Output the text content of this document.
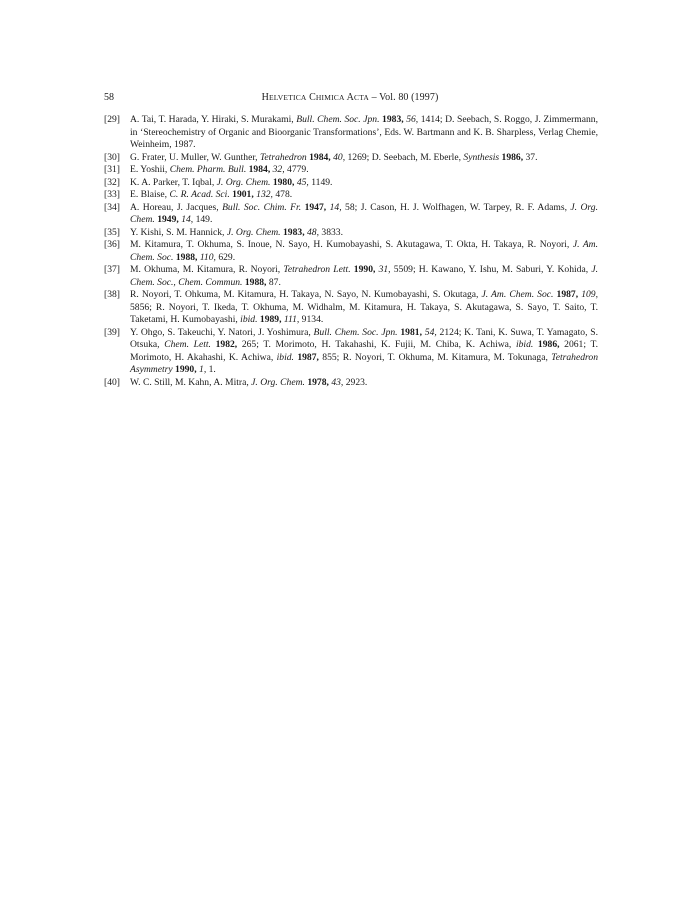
58	HELVETICA CHIMICA ACTA – Vol. 80 (1997)
[29]	A. Tai, T. Harada, Y. Hiraki, S. Murakami, Bull. Chem. Soc. Jpn. 1983, 56, 1414; D. Seebach, S. Roggo, J. Zimmermann, in ‘Stereochemistry of Organic and Bioorganic Transformations’, Eds. W. Bartmann and K. B. Sharpless, Verlag Chemie, Weinheim, 1987.
[30]	G. Frater, U. Muller, W. Gunther, Tetrahedron 1984, 40, 1269; D. Seebach, M. Eberle, Synthesis 1986, 37.
[31]	E. Yoshii, Chem. Pharm. Bull. 1984, 32, 4779.
[32]	K. A. Parker, T. Iqbal, J. Org. Chem. 1980, 45, 1149.
[33]	E. Blaise, C. R. Acad. Sci. 1901, 132, 478.
[34]	A. Horeau, J. Jacques, Bull. Soc. Chim. Fr. 1947, 14, 58; J. Cason, H. J. Wolfhagen, W. Tarpey, R. F. Adams, J. Org. Chem. 1949, 14, 149.
[35]	Y. Kishi, S. M. Hannick, J. Org. Chem. 1983, 48, 3833.
[36]	M. Kitamura, T. Okhuma, S. Inoue, N. Sayo, H. Kumobayashi, S. Akutagawa, T. Okta, H. Takaya, R. Noyori, J. Am. Chem. Soc. 1988, 110, 629.
[37]	M. Okhuma, M. Kitamura, R. Noyori, Tetrahedron Lett. 1990, 31, 5509; H. Kawano, Y. Ishu, M. Saburi, Y. Kohida, J. Chem. Soc., Chem. Commun. 1988, 87.
[38]	R. Noyori, T. Ohkuma, M. Kitamura, H. Takaya, N. Sayo, N. Kumobayashi, S. Okutaga, J. Am. Chem. Soc. 1987, 109, 5856; R. Noyori, T. Ikeda, T. Okhuma, M. Widhalm, M. Kitamura, H. Takaya, S. Akutagawa, S. Sayo, T. Saito, T. Taketami, H. Kumobayashi, ibid. 1989, 111, 9134.
[39]	Y. Ohgo, S. Takeuchi, Y. Natori, J. Yoshimura, Bull. Chem. Soc. Jpn. 1981, 54, 2124; K. Tani, K. Suwa, T. Yamagato, S. Otsuka, Chem. Lett. 1982, 265; T. Morimoto, H. Takahashi, K. Fujii, M. Chiba, K. Achiwa, ibid. 1986, 2061; T. Morimoto, H. Akahashi, K. Achiwa, ibid. 1987, 855; R. Noyori, T. Okhuma, M. Kitamura, M. Tokunaga, Tetrahedron Asymmetry 1990, 1, 1.
[40]	W. C. Still, M. Kahn, A. Mitra, J. Org. Chem. 1978, 43, 2923.
